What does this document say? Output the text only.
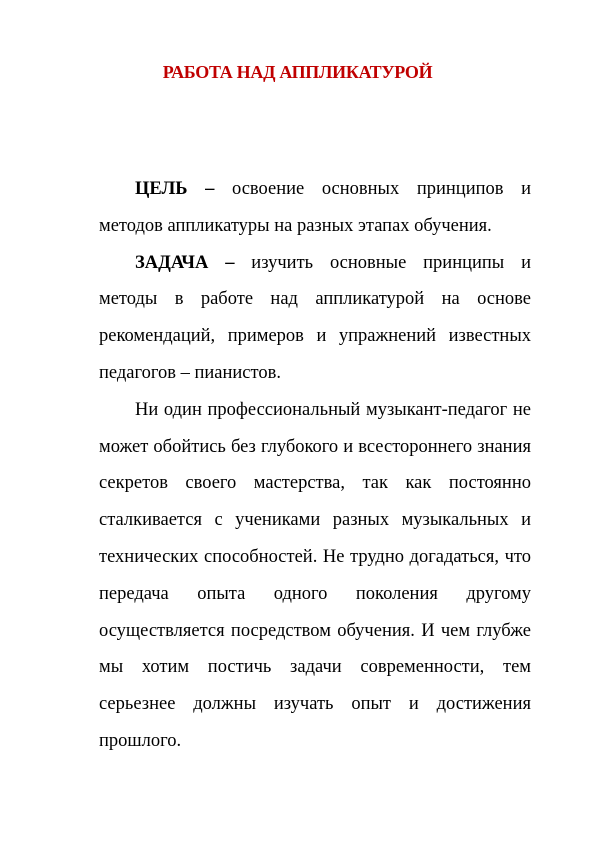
РАБОТА НАД АППЛИКАТУРОЙ

ЦЕЛЬ – освоение основных принципов и методов аппликатуры на разных этапах обучения.

ЗАДАЧА – изучить основные принципы и методы в работе над аппликатурой на основе рекомендаций, примеров и упражнений известных педагогов – пианистов.

Ни один профессиональный музыкант-педагог не может обойтись без глубокого и всестороннего знания секретов своего мастерства, так как постоянно сталкивается с учениками разных музыкальных и технических способностей. Не трудно догадаться, что передача опыта одного поколения другому осуществляется посредством обучения. И чем глубже мы хотим постичь задачи современности, тем серьезнее должны изучать опыт и достижения прошлого.
